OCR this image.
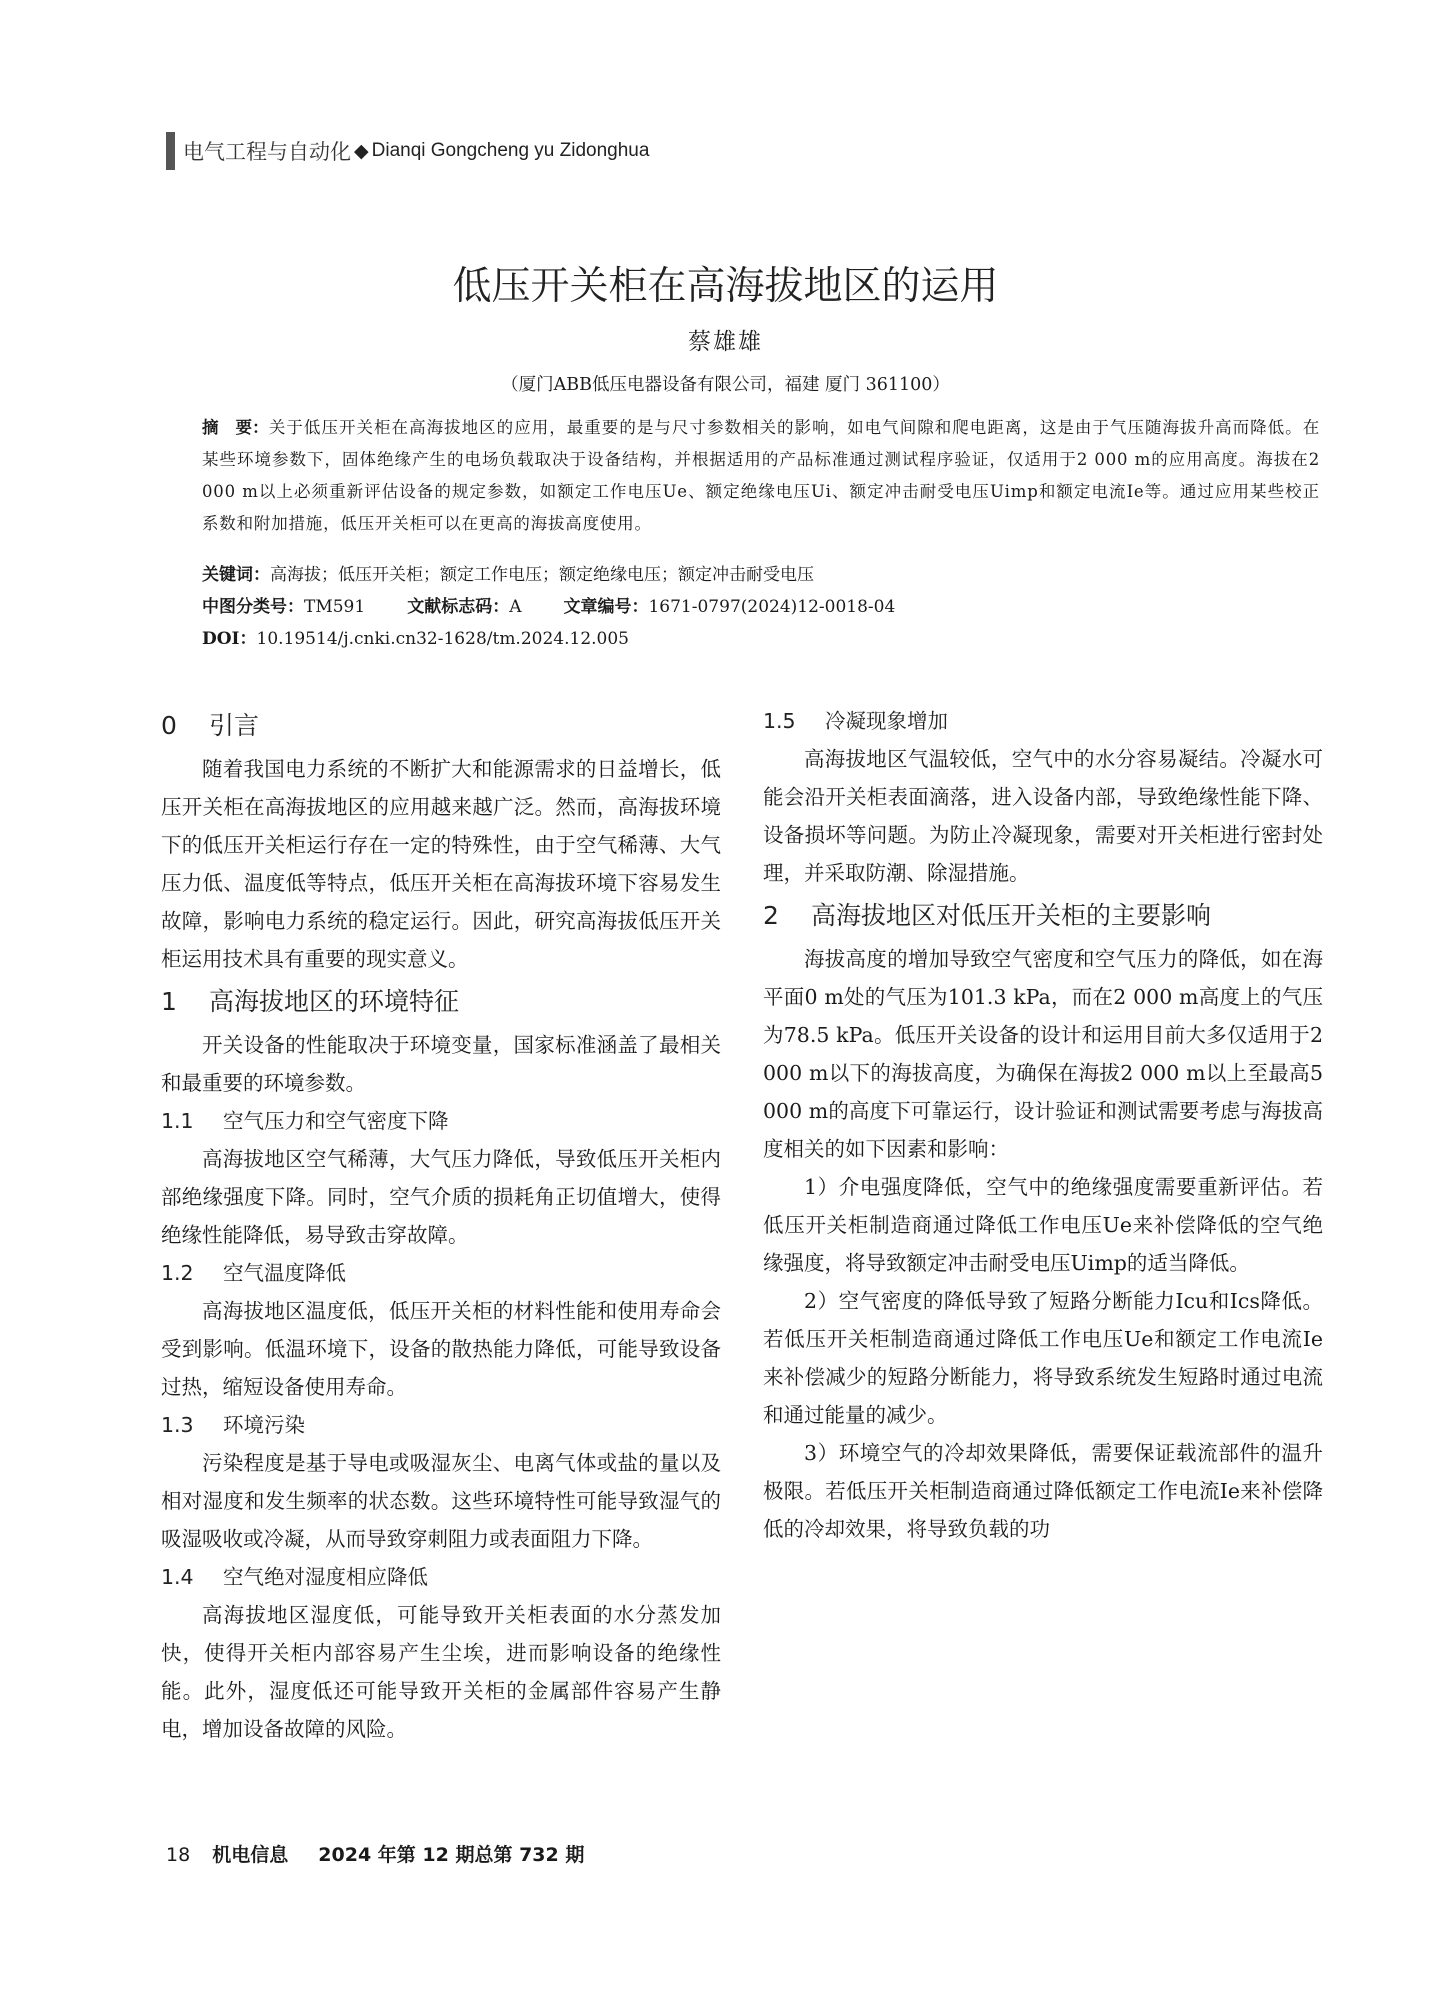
电气工程与自动化 ◆ Dianqi Gongcheng yu Zidonghua
低压开关柜在高海拔地区的运用
蔡雄雄
（厦门ABB低压电器设备有限公司，福建 厦门 361100）
摘　要：关于低压开关柜在高海拔地区的应用，最重要的是与尺寸参数相关的影响，如电气间隙和爬电距离，这是由于气压随海拔升高而降低。在某些环境参数下，固体绝缘产生的电场负载取决于设备结构，并根据适用的产品标准通过测试程序验证，仅适用于2 000 m的应用高度。海拔在2 000 m以上必须重新评估设备的规定参数，如额定工作电压Ue、额定绝缘电压Ui、额定冲击耐受电压Uimp和额定电流Ie等。通过应用某些校正系数和附加措施，低压开关柜可以在更高的海拔高度使用。
关键词：高海拔；低压开关柜；额定工作电压；额定绝缘电压；额定冲击耐受电压
中图分类号：TM591 文献标志码：A 文章编号：1671-0797(2024)12-0018-04
DOI：10.19514/j.cnki.cn32-1628/tm.2024.12.005
0 引言
随着我国电力系统的不断扩大和能源需求的日益增长，低压开关柜在高海拔地区的应用越来越广泛。然而，高海拔环境下的低压开关柜运行存在一定的特殊性，由于空气稀薄、大气压力低、温度低等特点，低压开关柜在高海拔环境下容易发生故障，影响电力系统的稳定运行。因此，研究高海拔低压开关柜运用技术具有重要的现实意义。
1 高海拔地区的环境特征
开关设备的性能取决于环境变量，国家标准涵盖了最相关和最重要的环境参数。
1.1 空气压力和空气密度下降
高海拔地区空气稀薄，大气压力降低，导致低压开关柜内部绝缘强度下降。同时，空气介质的损耗角正切值增大，使得绝缘性能降低，易导致击穿故障。
1.2 空气温度降低
高海拔地区温度低，低压开关柜的材料性能和使用寿命会受到影响。低温环境下，设备的散热能力降低，可能导致设备过热，缩短设备使用寿命。
1.3 环境污染
污染程度是基于导电或吸湿灰尘、电离气体或盐的量以及相对湿度和发生频率的状态数。这些环境特性可能导致湿气的吸湿吸收或冷凝，从而导致穿刺阻力或表面阻力下降。
1.4 空气绝对湿度相应降低
高海拔地区湿度低，可能导致开关柜表面的水分蒸发加快，使得开关柜内部容易产生尘埃，进而影响设备的绝缘性能。此外，湿度低还可能导致开关柜的金属部件容易产生静电，增加设备故障的风险。
1.5 冷凝现象增加
高海拔地区气温较低，空气中的水分容易凝结。冷凝水可能会沿开关柜表面滴落，进入设备内部，导致绝缘性能下降、设备损坏等问题。为防止冷凝现象，需要对开关柜进行密封处理，并采取防潮、除湿措施。
2 高海拔地区对低压开关柜的主要影响
海拔高度的增加导致空气密度和空气压力的降低，如在海平面0 m处的气压为101.3 kPa，而在2 000 m高度上的气压为78.5 kPa。低压开关设备的设计和运用目前大多仅适用于2 000 m以下的海拔高度，为确保在海拔2 000 m以上至最高5 000 m的高度下可靠运行，设计验证和测试需要考虑与海拔高度相关的如下因素和影响：
1）介电强度降低，空气中的绝缘强度需要重新评估。若低压开关柜制造商通过降低工作电压Ue来补偿降低的空气绝缘强度，将导致额定冲击耐受电压Uimp的适当降低。
2）空气密度的降低导致了短路分断能力Icu和Ics降低。若低压开关柜制造商通过降低工作电压Ue和额定工作电流Ie来补偿减少的短路分断能力，将导致系统发生短路时通过电流和通过能量的减少。
3）环境空气的冷却效果降低，需要保证载流部件的温升极限。若低压开关柜制造商通过降低额定工作电流Ie来补偿降低的冷却效果，将导致负载的功
18 机电信息 2024 年第 12 期总第 732 期
